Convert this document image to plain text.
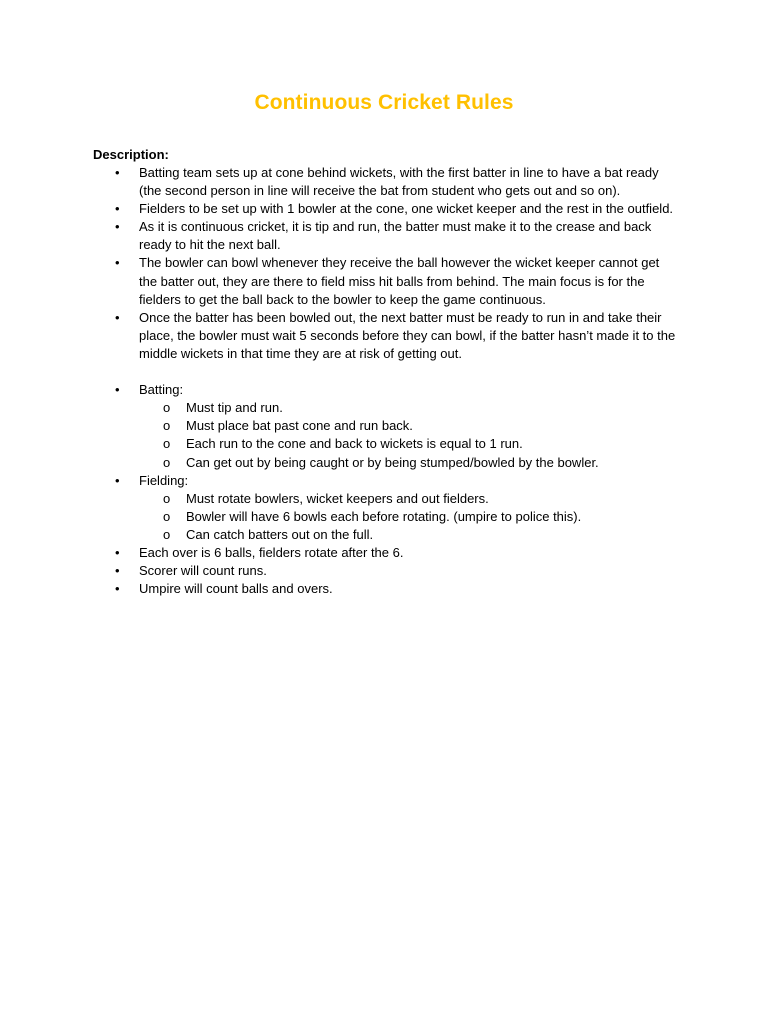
Continuous Cricket Rules
Description:
•	Batting team sets up at cone behind wickets, with the first batter in line to have a bat ready (the second person in line will receive the bat from student who gets out and so on).
•	Fielders to be set up with 1 bowler at the cone, one wicket keeper and the rest in the outfield.
•	As it is continuous cricket, it is tip and run, the batter must make it to the crease and back ready to hit the next ball.
•	The bowler can bowl whenever they receive the ball however the wicket keeper cannot get the batter out, they are there to field miss hit balls from behind. The main focus is for the fielders to get the ball back to the bowler to keep the game continuous.
•	Once the batter has been bowled out, the next batter must be ready to run in and take their place, the bowler must wait 5 seconds before they can bowl, if the batter hasn’t made it to the middle wickets in that time they are at risk of getting out.
•	Batting:
o Must tip and run.
o Must place bat past cone and run back.
o Each run to the cone and back to wickets is equal to 1 run.
o Can get out by being caught or by being stumped/bowled by the bowler.
•	Fielding:
o Must rotate bowlers, wicket keepers and out fielders.
o Bowler will have 6 bowls each before rotating. (umpire to police this).
o Can catch batters out on the full.
•	Each over is 6 balls, fielders rotate after the 6.
•	Scorer will count runs.
•	Umpire will count balls and overs.
